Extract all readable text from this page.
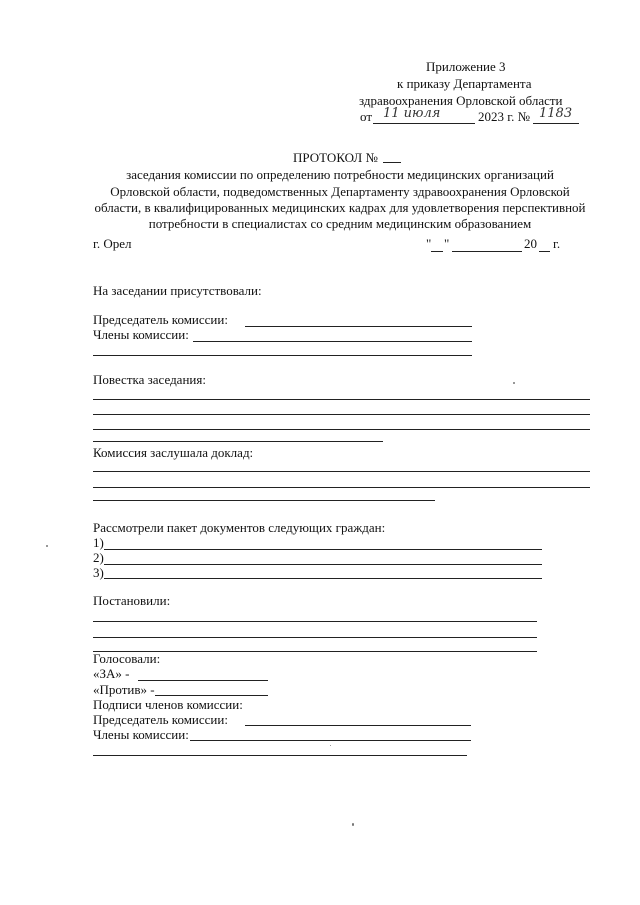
Приложение 3
к приказу Департамента
здравоохранения Орловской области
от 11 июля	2023 г. № 1183
ПРОТОКОЛ №
заседания комиссии по определению потребности медицинских организаций
Орловской области, подведомственных Департаменту здравоохранения Орловской
области, в квалифицированных медицинских кадрах для удовлетворения перспективной
потребности в специалистах со средним медицинским образованием
г. Орел	" "	20 г.
На заседании присутствовали:
Председатель комиссии:
Члены комиссии:
Повестка заседания:
Комиссия заслушала доклад:
Рассмотрели пакет документов следующих граждан:
1)
2)
3)
Постановили:
Голосовали:
«ЗА» -
«Против» -
Подписи членов комиссии:
Председатель комиссии:
Члены комиссии:
